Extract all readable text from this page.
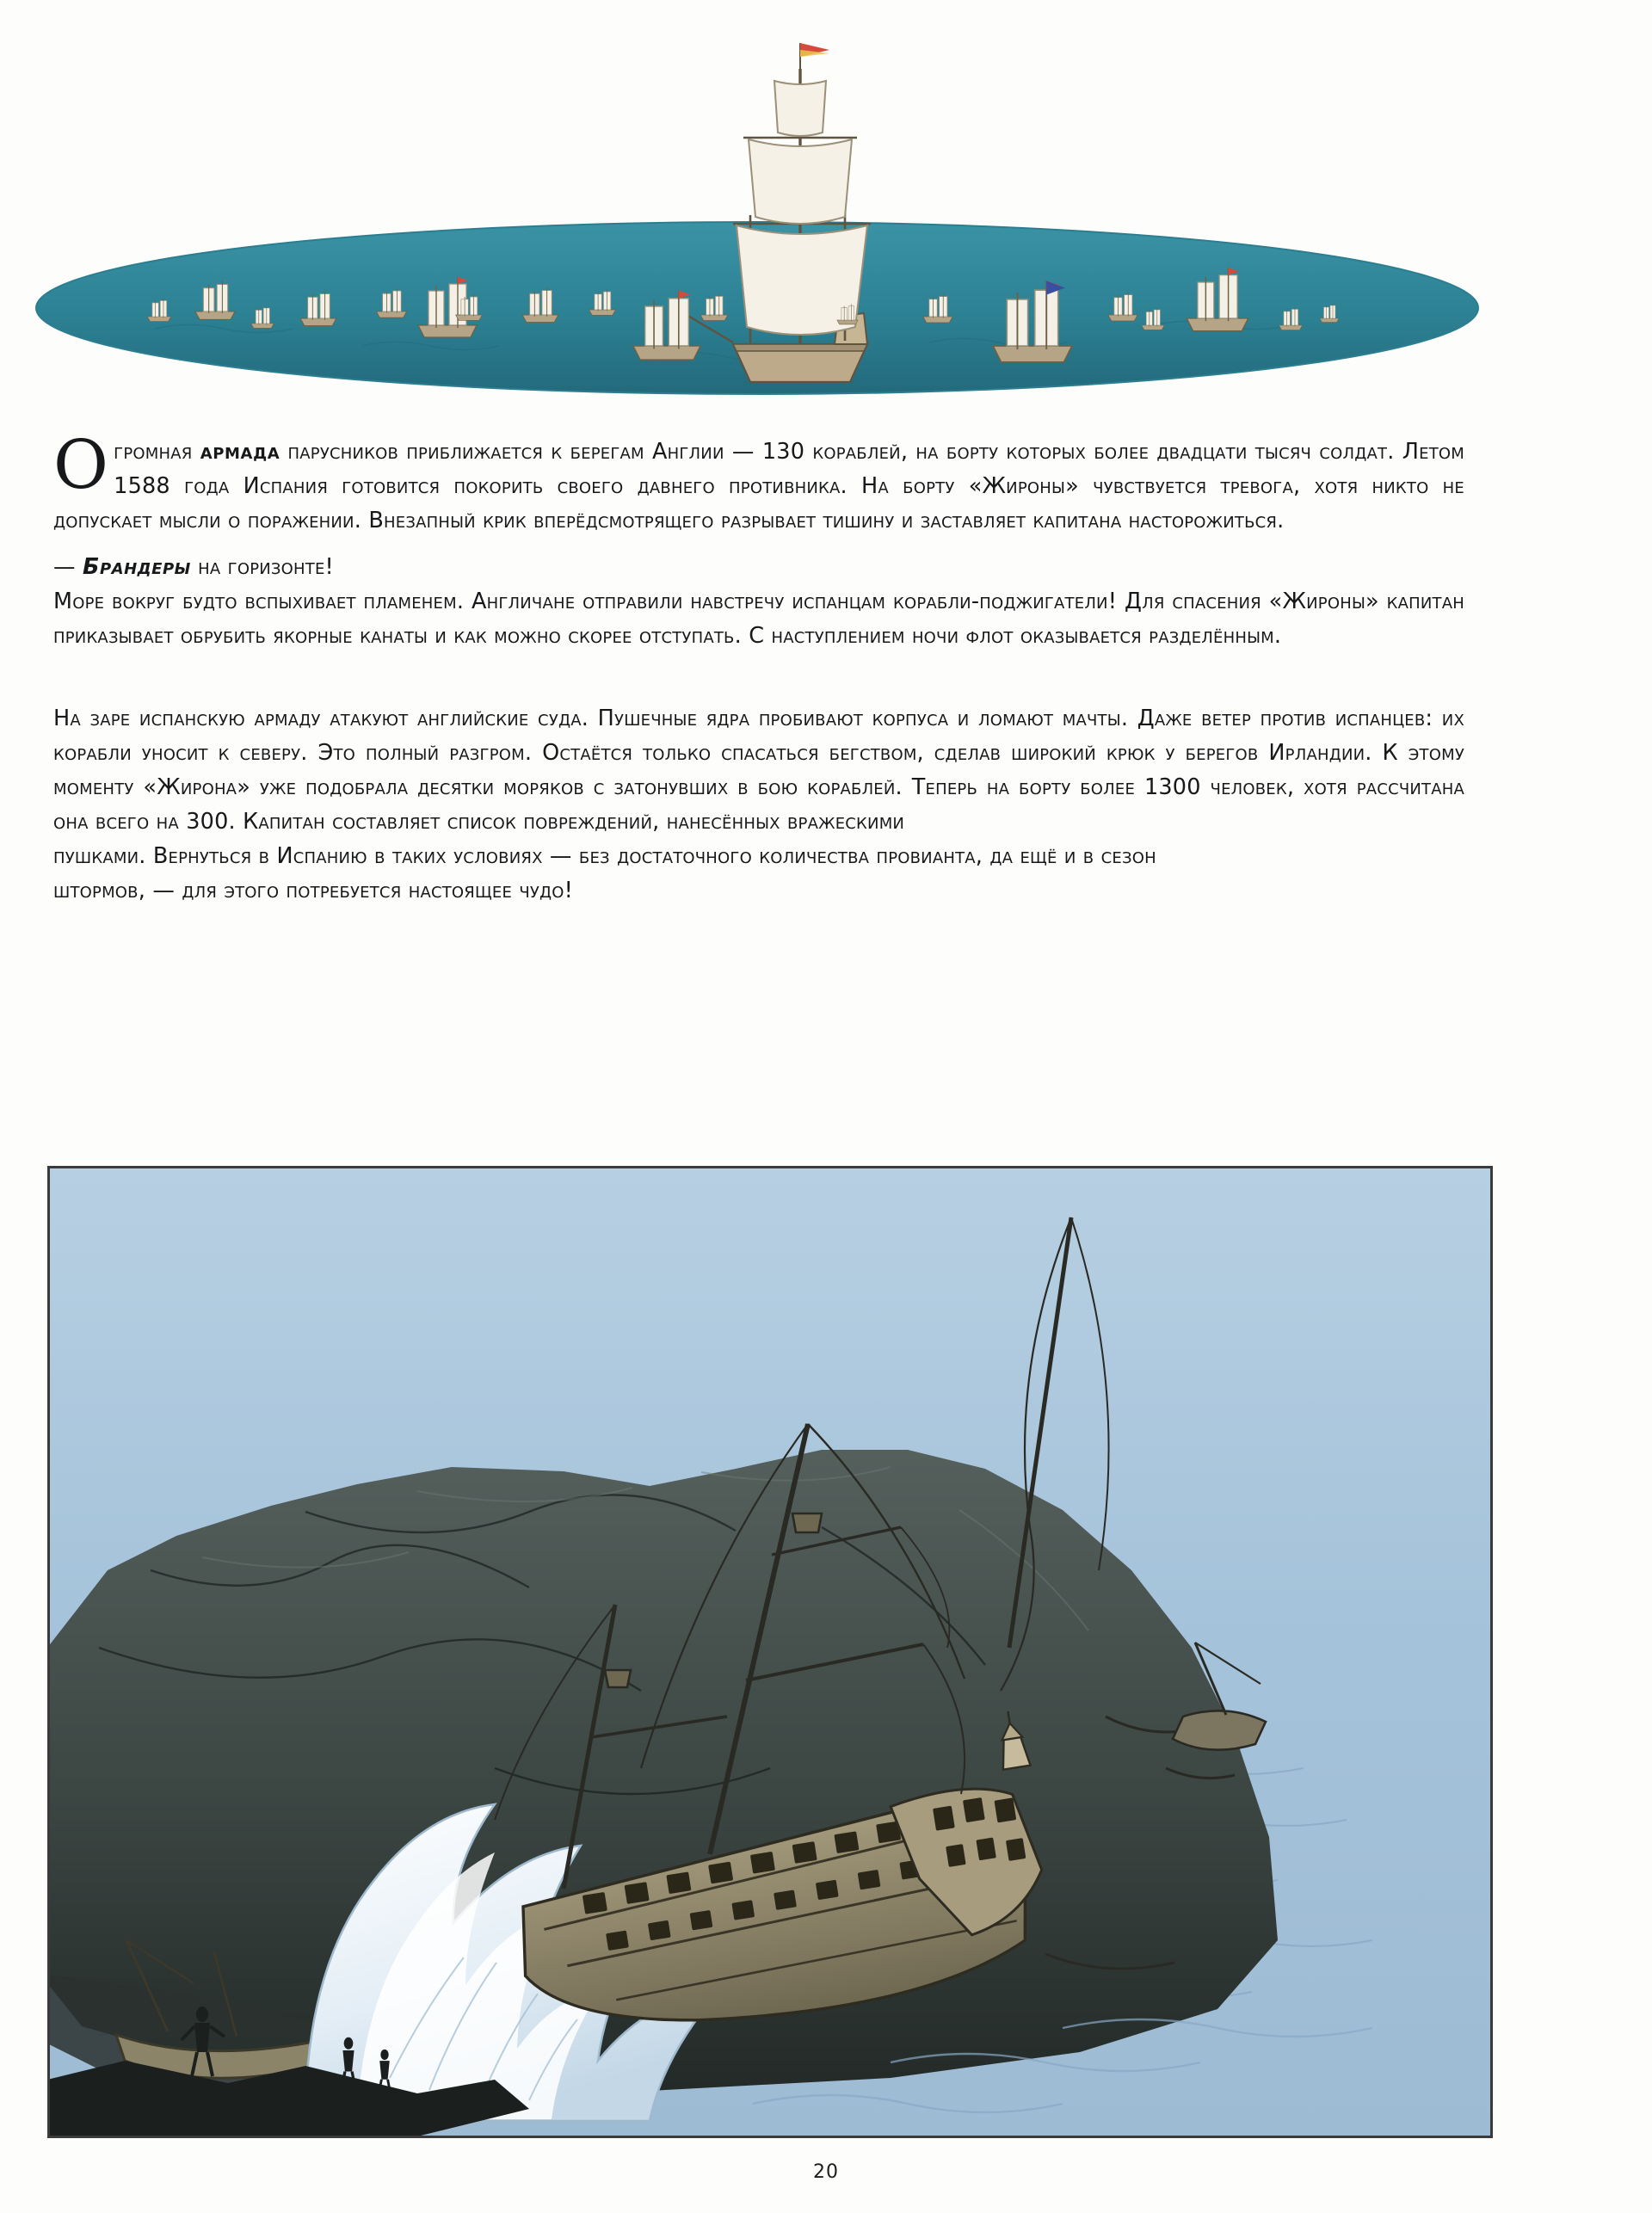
Огромная армада парусников приближается к берегам Англии — 130 кораблей, на борту которых более двадцати тысяч солдат. Летом 1588 года Испания готовится покорить своего давнего противника. На борту «Жироны» чувствуется тревога, хотя никто не допускает мысли о поражении. Внезапный крик вперёдсмотрящего разрывает тишину и заставляет капитана насторожиться.

— Брандеры на горизонте!

Море вокруг будто вспыхивает пламенем. Англичане отправили навстречу испанцам корабли-поджигатели! Для спасения «Жироны» капитан приказывает обрубить якорные канаты и как можно скорее отступать. С наступлением ночи флот оказывается разделённым.

На заре испанскую армаду атакуют английские суда. Пушечные ядра пробивают корпуса и ломают мачты. Даже ветер против испанцев: их корабли уносит к северу. Это полный разгром. Остаётся только спасаться бегством, сделав широкий крюк у берегов Ирландии. К этому моменту «Жирона» уже подобрала десятки моряков с затонувших в бою кораблей. Теперь на борту более 1300 человек, хотя рассчитана она всего на 300. Капитан составляет список повреждений, нанесённых вражескими

пушками. Вернуться в Испанию в таких условиях — без достаточного количества провианта, да ещё и в сезон штормов, — для этого потребуется настоящее чудо!

20
